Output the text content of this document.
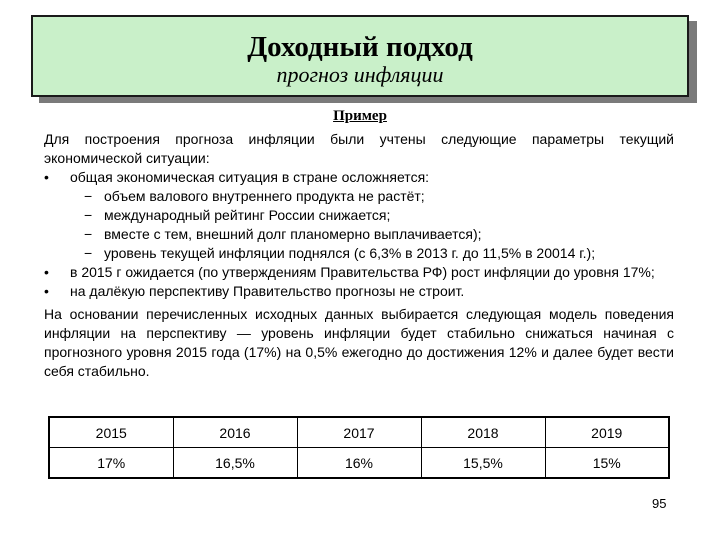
Доходный подход
прогноз инфляции
Пример

Для построения прогноза инфляции были учтены следующие параметры текущий экономической ситуации:

•	общая экономическая ситуация в стране осложняется:
− объем валового внутреннего продукта не растёт;
− международный рейтинг России снижается;
− вместе с тем, внешний долг планомерно выплачивается);
− уровень текущей инфляции поднялся (с 6,3% в 2013 г. до 11,5% в 20014 г.);
•	в 2015 г ожидается (по утверждениям Правительства РФ) рост инфляции до уровня 17%;
•	на далёкую перспективу Правительство прогнозы не строит.

На основании перечисленных исходных данных выбирается следующая модель поведения инфляции на перспективу — уровень инфляции будет стабильно снижаться начиная с прогнозного уровня 2015 года (17%) на 0,5% ежегодно до достижения 12% и далее будет вести себя стабильно.

2015	2016	2017	2018	2019
17%	16,5%	16%	15,5%	15%
95
